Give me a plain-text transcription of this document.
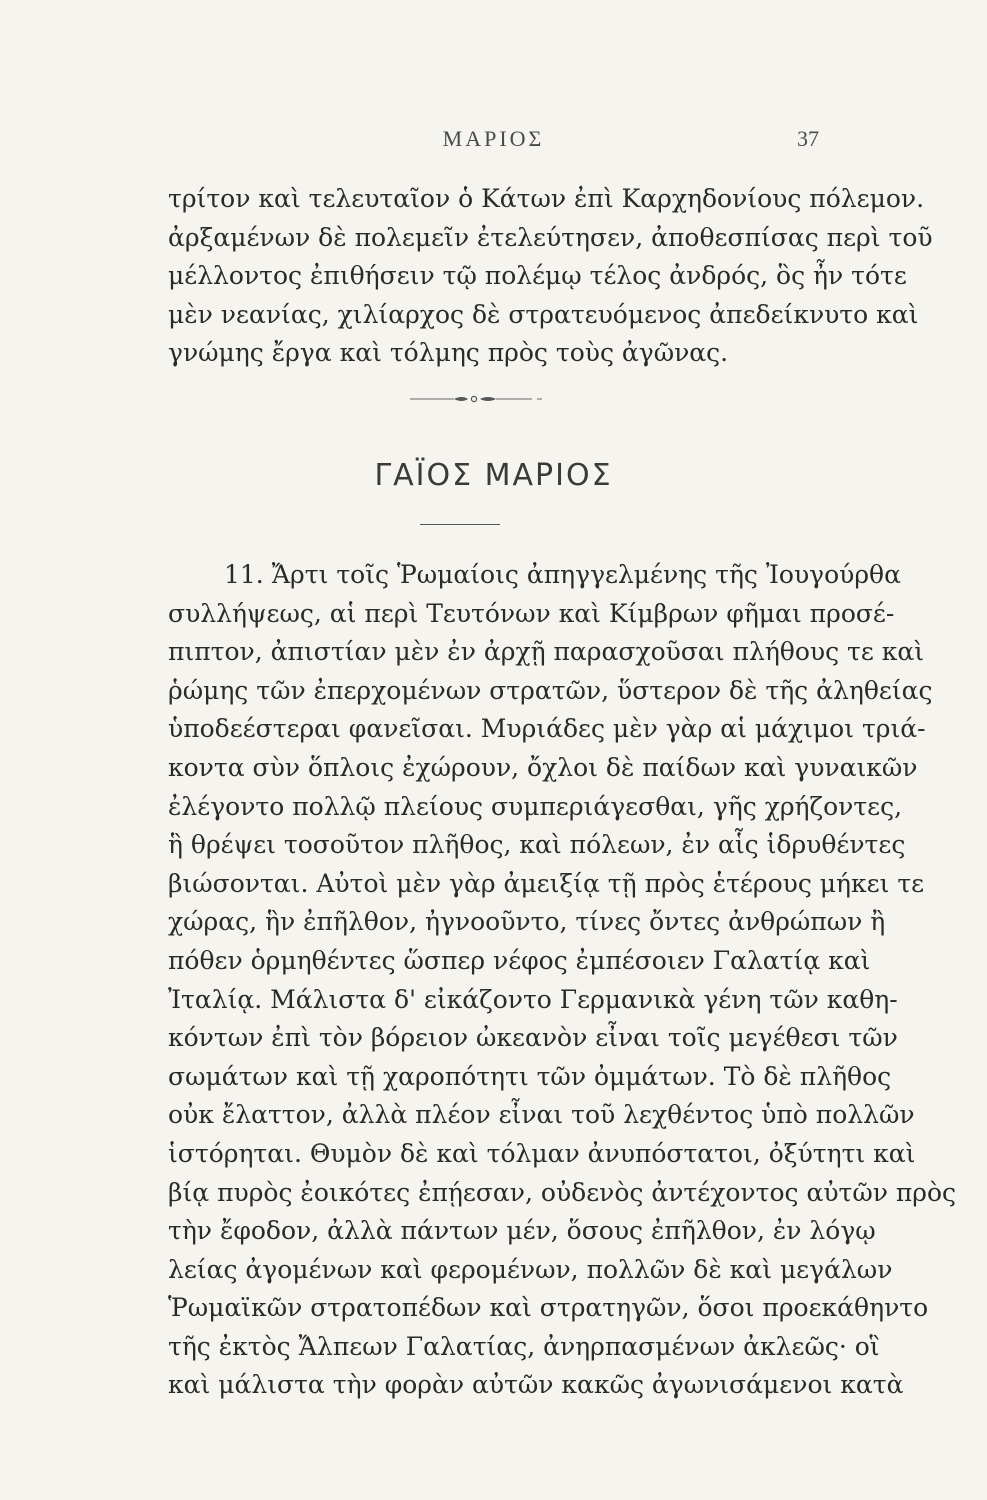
ΜΑΡΙΟΣ	37
τρίτον καὶ τελευταῖον ὁ Κάτων ἐπὶ Καρχηδονίους πόλεμον.
ἀρξαμένων δὲ πολεμεῖν ἐτελεύτησεν, ἀποθεσπίσας περὶ τοῦ
μέλλοντος ἐπιθήσειν τῷ πολέμῳ τέλος ἀνδρός, ὃς ἦν τότε
μὲν νεανίας, χιλίαρχος δὲ στρατευόμενος ἀπεδείκνυτο καὶ
γνώμης ἔργα καὶ τόλμης πρὸς τοὺς ἀγῶνας.
ΓΑΪΟΣ ΜΑΡΙΟΣ
11. Ἄρτι τοῖς Ῥωμαίοις ἀπηγγελμένης τῆς Ἰουγούρθα
συλλήψεως, αἱ περὶ Τευτόνων καὶ Κίμβρων φῆμαι προσέ-
πιπτον, ἀπιστίαν μὲν ἐν ἀρχῇ παρασχοῦσαι πλήθους τε καὶ
ῥώμης τῶν ἐπερχομένων στρατῶν, ὕστερον δὲ τῆς ἀληθείας
ὑποδεέστεραι φανεῖσαι. Μυριάδες μὲν γὰρ αἱ μάχιμοι τριά-
κοντα σὺν ὅπλοις ἐχώρουν, ὄχλοι δὲ παίδων καὶ γυναικῶν
ἐλέγοντο πολλῷ πλείους συμπεριάγεσθαι, γῆς χρήζοντες,
ἣ θρέψει τοσοῦτον πλῆθος, καὶ πόλεων, ἐν αἷς ἱδρυθέντες
βιώσονται. Αὐτοὶ μὲν γὰρ ἀμειξίᾳ τῇ πρὸς ἑτέρους μήκει τε
χώρας, ἣν ἐπῆλθον, ἠγνοοῦντο, τίνες ὄντες ἀνθρώπων ἢ
πόθεν ὁρμηθέντες ὥσπερ νέφος ἐμπέσοιεν Γαλατίᾳ καὶ
Ἰταλίᾳ. Μάλιστα δ' εἰκάζοντο Γερμανικὰ γένη τῶν καθη-
κόντων ἐπὶ τὸν βόρειον ὠκεανὸν εἶναι τοῖς μεγέθεσι τῶν
σωμάτων καὶ τῇ χαροπότητι τῶν ὀμμάτων. Τὸ δὲ πλῆθος
οὐκ ἔλαττον, ἀλλὰ πλέον εἶναι τοῦ λεχθέντος ὑπὸ πολλῶν
ἱστόρηται. Θυμὸν δὲ καὶ τόλμαν ἀνυπόστατοι, ὀξύτητι καὶ
βίᾳ πυρὸς ἐοικότες ἐπῄεσαν, οὐδενὸς ἀντέχοντος αὐτῶν πρὸς
τὴν ἔφοδον, ἀλλὰ πάντων μέν, ὅσους ἐπῆλθον, ἐν λόγῳ
λείας ἀγομένων καὶ φερομένων, πολλῶν δὲ καὶ μεγάλων
Ῥωμαϊκῶν στρατοπέδων καὶ στρατηγῶν, ὅσοι προεκάθηντο
τῆς ἐκτὸς Ἄλπεων Γαλατίας, ἀνηρπασμένων ἀκλεῶς· οἳ
καὶ μάλιστα τὴν φορὰν αὐτῶν κακῶς ἀγωνισάμενοι κατὰ
